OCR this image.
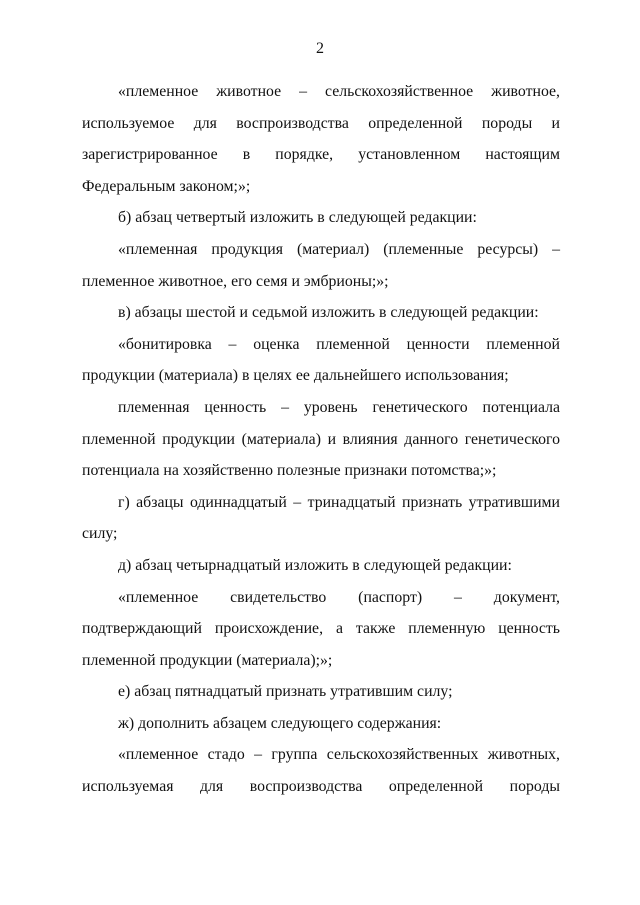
2

«племенное животное – сельскохозяйственное животное, используемое для воспроизводства определенной породы и зарегистрированное в порядке, установленном настоящим Федеральным законом;»;

б) абзац четвертый изложить в следующей редакции:

«племенная продукция (материал) (племенные ресурсы) – племенное животное, его семя и эмбрионы;»;

в) абзацы шестой и седьмой изложить в следующей редакции:

«бонитировка – оценка племенной ценности племенной продукции (материала) в целях ее дальнейшего использования;

племенная ценность – уровень генетического потенциала племенной продукции (материала) и влияния данного генетического потенциала на хозяйственно полезные признаки потомства;»;

г) абзацы одиннадцатый – тринадцатый признать утратившими силу;

д) абзац четырнадцатый изложить в следующей редакции:

«племенное свидетельство (паспорт) – документ, подтверждающий происхождение, а также племенную ценность племенной продукции (материала);»;

е) абзац пятнадцатый признать утратившим силу;

ж) дополнить абзацем следующего содержания:

«племенное стадо – группа сельскохозяйственных животных, используемая для воспроизводства определенной породы
